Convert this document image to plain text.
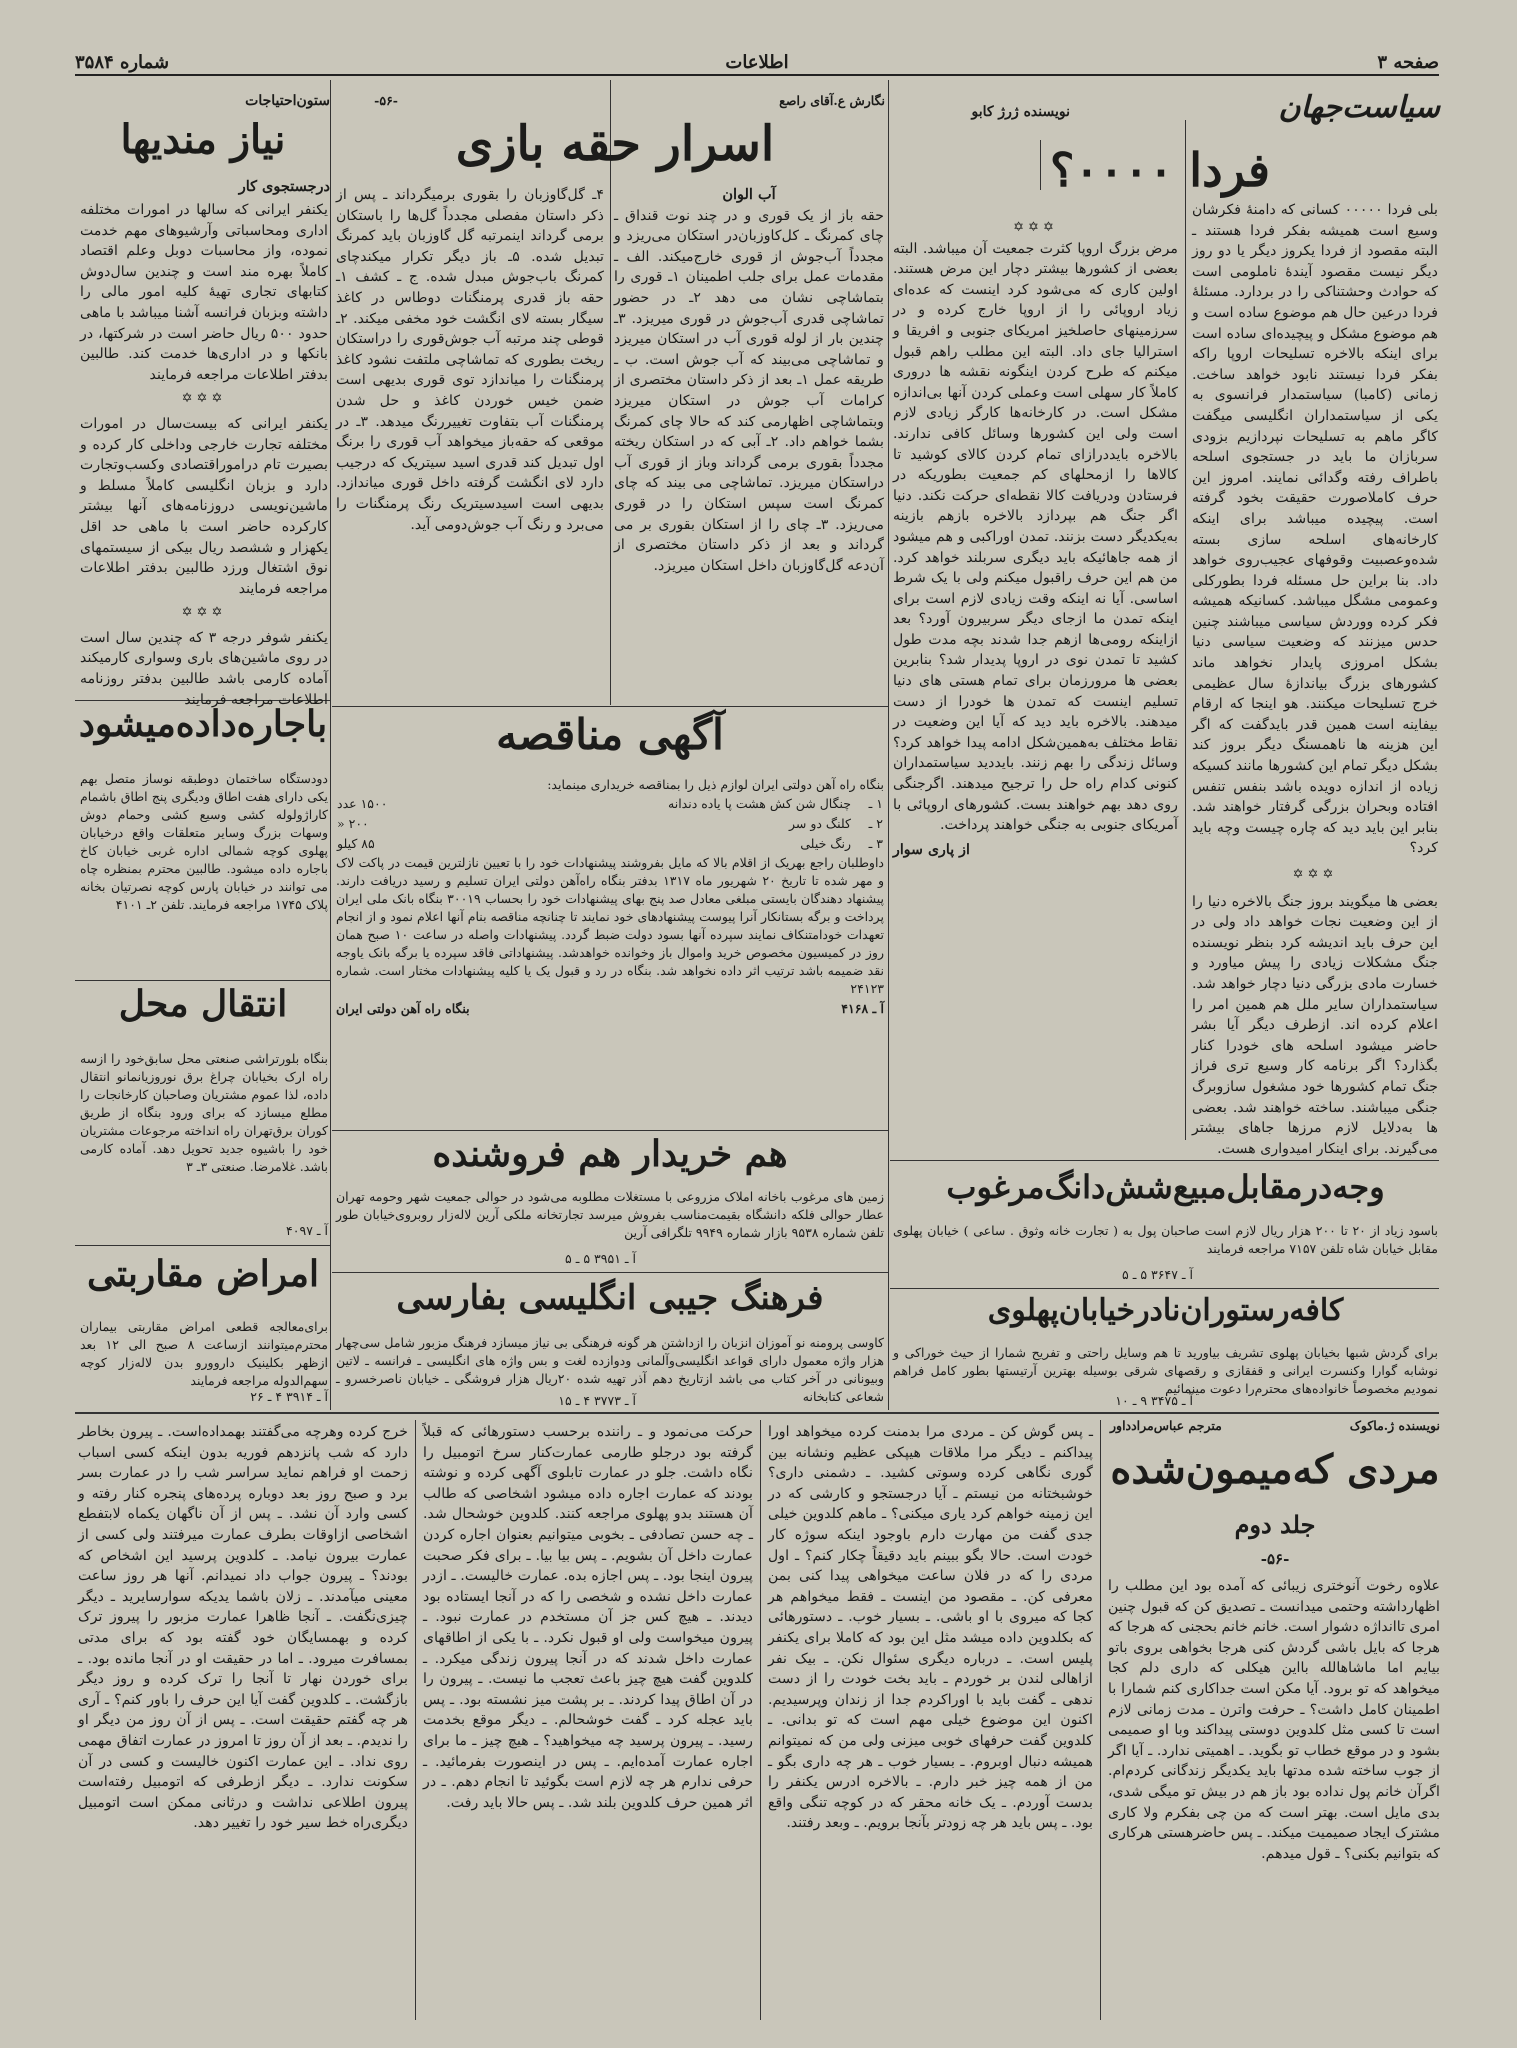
صفحه ۳
اطلاعات
شماره ۳۵۸۴
سیاست‌جهان
نویسنده ژرژ کابو
فردا ۰۰۰۰؟
بلی فردا ۰۰۰۰۰ کسانی که دامنهٔ فکرشان وسیع است همیشه بفکر فردا هستند ـ البته مقصود از فردا یکروز دیگر یا دو روز دیگر نیست مقصود آیندهٔ ناملومی است که حوادث وحشتناکی را در بردارد. مسئلهٔ فردا درعین حال هم موضوع ساده است و هم موضوع مشکل و پیچیده‌ای ساده است برای اینکه بالاخره تسلیحات اروپا راکه بفکر فردا نیستند نابود خواهد ساخت. زمانی (کامبا) سیاستمدار فرانسوی به یکی از سیاستمداران انگلیسی میگفت کاگر ماهم به تسلیحات نپردازیم بزودی سربازان ما باید در جستجوی اسلحه باطراف رفته وگدائی نمایند. امروز این حرف کاملاصورت حقیقت بخود گرفته است. پیچیده میباشد برای اینکه کارخانه‌های اسلحه سازی بسته شده‌وعصبیت وقوفهای عجیب‌روی خواهد داد. بنا براین حل مسئله فردا بطورکلی وعمومی مشگل میباشد. کسانیکه همیشه فکر کرده ووردش سیاسی میباشند چنین حدس میزنند که وضعیت سیاسی دنیا بشکل امروزی پایدار نخواهد ماند کشورهای بزرگ بیاندازهٔ سال عظیمی خرج تسلیحات میکنند. هو اینجا که ارقام بیفاینه است همین قدر بایدگفت که اگر این هزینه ها ناهمسنگ دیگر بروز کند بشکل دیگر تمام این کشورها مانند کسیکه زیاده از اندازه دویده باشد بنفس تنفس افتاده وبحران بزرگی گرفتار خواهند شد. بنابر این باید دید که چاره چیست وچه باید کرد؟
✡✡✡
بعضی ها میگویند بروز جنگ بالاخره دنیا را از این وضعیت نجات خواهد داد ولی در این حرف باید اندیشه کرد بنظر نویسنده جنگ مشکلات زیادی را پیش میاورد و خسارت مادی بزرگی دنیا دچار خواهد شد. سیاستمداران سایر ملل هم همین امر را اعلام کرده اند. ازطرف دیگر آیا بشر حاضر میشود اسلحه های خودرا کنار بگذارد؟ اگر برنامه کار وسیع تری فراز جنگ تمام کشورها خود مشغول سازوبرگ جنگی میباشند. ساخته خواهند شد. بعضی ها به‌دلایل لازم مرزها جاهای بیشتر می‌گیرند. برای اینکار امیدواری هست.
✡✡✡
مرض بزرگ اروپا کثرت جمعیت آن میباشد. البته بعضی از کشورها بیشتر دچار این مرض هستند. اولین کاری که می‌شود کرد اینست که عده‌ای زیاد اروپائی را از اروپا خارج کرده و در سرزمینهای حاصلخیز امریکای جنوبی و افریقا و استرالیا جای داد. البته این مطلب راهم قبول میکنم که طرح کردن اینگونه نقشه ها دروری کاملاً کار سهلی است وعملی کردن آنها بی‌اندازه مشکل است. در کارخانه‌ها کارگر زیادی لازم است ولی این کشورها وسائل کافی ندارند. بالاخره بایددرازای تمام کردن کالای کوشید تا کالا‌ها را ازمحلهای کم‌ جمعیت بطوریکه در فرستادن ودریافت کالا نقطه‌ای حرکت نکند. دنیا اگر جنگ هم بپردازد بالاخره بازهم بازینه به‌یکدیگر دست بزنند. تمدن اوراکبی و هم میشود از همه جاهائیکه باید دیگری سربلند خواهد کرد. من هم این حرف راقبول میکنم ولی با یک شرط اساسی. آیا نه اینکه وقت زیادی لازم است برای اینکه تمدن ما ازجای دیگر سربیرون آورد؟ بعد ازاینکه رومی‌ها ازهم جدا شدند بچه مدت طول کشید تا تمدن نوی در اروپا پدیدار شد؟ بنابرین بعضی ها مرورزمان برای تمام هستی های دنیا تسلیم اینست که تمدن ها خودرا از دست میدهند. بالاخره باید دید که آیا این وضعیت در نقاط مختلف به‌همین‌شکل ادامه پیدا خواهد کرد؟ وسائل زندگی را بهم زنند. بایددید سیاستمداران کنونی کدام راه حل را ترجیح میدهند. اگرجنگی روی دهد بهم خواهند بست. کشورهای اروپائی با آمریکای جنوبی به جنگی خواهند پرداخت.
از پاری سوار
نگارش ع.آقای راصع
-۵۶-
اسرار حقه بازی
آب الوان
حقه باز از یک قوری و در چند نوت قنداق ـ چای کمرنگ ـ کل‌کاوزبان‌در استکان می‌ریزد و مجدداً آب‌جوش از قوری خارج‌میکند. الف ـ مقدمات عمل برای جلب اطمینان ۱ـ قوری را بتماشاچی نشان می دهد ۲ـ در حضور تماشاچی قدری آب‌جوش در قوری میریزد. ۳ـ چندین بار از لوله قوری آب‌ در استکان میریزد و تماشاچی می‌بیند که آب جوش است. ب ـ طریقه عمل ۱ـ بعد از ذکر داستان مختصری از کرامات آب جوش در استکان میریزد وبتماشاچی اظهارمی کند که حالا چای کمرنگ بشما خواهم داد. ۲ـ آبی که در استکان ریخته مجدداً بقوری برمی گرداند وباز از قوری آب دراستکان میریزد. تماشاچی می بیند که چای کمرنگ است سپس استکان را در قوری می‌ریزد. ۳ـ چای را از استکان بقوری بر می گرداند و بعد از ذکر داستان مختصری از آن‌دعه گل‌گاوزبان داخل استکان میریزد.
۴ـ گل‌گاوزبان را بقوری برمیگرداند ـ پس از ذکر داستان مفصلی مجدداً گل‌ها را باستکان برمی گرداند اینمرتبه گل گاوزبان باید کمرنگ‌ تبدیل شده. ۵ـ باز دیگر تکرار میکند‌چای کمرنگ باب‌جوش مبدل شده. ج ـ کشف ۱ـ حقه باز قدری پرمنگنات دوطاس در کاغذ سیگار بسته لای انگشت خود مخفی میکند. ۲ـ قوطی چند مرتبه آب جوش‌قوری را دراستکان ریخت بطوری که تماشاچی ملتفت نشود کاغذ پرمنگنات را میاندازد توی قوری بدیهی است ضمن خیس خوردن کاغذ و حل شدن پرمنگنات آب بتفاوت تغییررنگ میدهد. ۳ـ در موقعی که حقه‌باز میخواهد آب قوری را برنگ اول تبدیل کند قدری اسید سیتریک که درجیب دارد لای انگشت گرفته داخل قوری میاندازد. بدیهی است اسیدسیتریک رنگ پرمنگنات را می‌برد و رنگ آب جوش‌دومی آید.
ستون‌احتیاجات
نیاز مندیها
درجستجوی کار
یکنفر ایرانی که سالها در امورات مختلفه اداری ومحاسباتی وآرشیوهای مهم خدمت نموده، واز محاسبات دوبل وعلم اقتصاد کاملاً بهره مند است و چندین سال‌دوش کتابهای تجاری تهیهٔ کلیه امور مالی را داشته وبزبان فرانسه آشنا میباشد با ماهی حدود ۵۰۰ ریال حاضر است در شرکتها، در بانکها و در اداری‌ها خدمت کند. طالبین بدفتر اطلاعات مراجعه فرمایند
✡✡✡
یکنفر ایرانی که بیست‌سال در امورات مختلفه تجارت خارجی وداخلی کار کرده و بصیرت تام دراموراقتصادی وکسب‌وتجارت دارد و بزبان انگلیسی کاملاً مسلط و ماشین‌نویسی دروزنامه‌های آنها بیشتر کارکرده حاضر است با ماهی حد اقل یکهزار و ششصد ریال بیکی از سیستمهای نوق اشتغال ورزد طالبین بدفتر اطلاعات مراجعه فرمایند
✡✡✡
یکنفر شوفر درجه ۳ که چندین سال است در روی ماشین‌های باری وسواری کارمیکند آماده کارمی باشد طالبین بدفتر روزنامه اطلاعات مراجعه فرمایند
باجاره‌داده‌میشود
دودستگاه ساختمان دوطبقه نوساز متصل بهم یکی دارای هفت اطاق ودیگری پنج اطاق باشمام کاراژولوله کشی وسیع کشی وحمام دوش وسهات بزرگ وسایر متعلقات واقع درخیابان پهلوی کوچه شمالی اداره غربی خیابان کاخ باجاره داده میشود. طالبین محترم بمنظره چاه می توانند در خیابان پارس کوچه نصرتیان بخانه پلاک ۱۷۴۵ مراجعه فرمایند. تلفن ۲ـ ۴۱۰۱
انتقال محل
بنگاه بلورتراشی صنعتی محل سابق‌خود را ازسه راه ارک بخیابان چراغ برق نوروزیانمانو انتقال داده، لذا عموم مشتریان وصاحبان کارخانجات را مطلع میسازد که برای ورود بنگاه از طریق کوران برق‌تهران راه انداخته مرجوعات مشتریان خود را باشیوه جدید تحویل دهد. آماده کارمی باشد. غلامرضا. صنعتی ۳ـ ۳
آ ـ ۴۰۹۷
امراض مقاربتی
برای‌معالجه قطعی امراض مقاربتی بیماران محترم‌میتوانند ازساعت ۸ صبح الی ۱۲ بعد ازظهر بکلینیک داروورو بدن لاله‌زار کوچه سهم‌الدوله مراجعه فرمایند
آ ـ ۳۹۱۴ ۴ ـ ۲۶
آگهی مناقصه
بنگاه راه آهن دولتی ایران لوازم ذیل را بمناقصه خریداری مینماید:
۱ ـ	چنگال شن کش هشت پا یاده دندانه	۱۵۰۰ عدد
۲ ـ	کلنگ دو سر	۲۰۰ «
۳ ـ	رنگ خیلی	۸۵ کیلو
داوطلبان راجع بهریک از اقلام بالا که مایل بفروشند پیشنهادات خود را با تعیین نازلترین قیمت در پاکت لاک و مهر شده تا تاریخ ۲۰ شهریور ماه ۱۳۱۷ بدفتر بنگاه راه‌آهن دولتی ایران تسلیم و رسید دریافت دارند. پیشنهاد دهندگان بایستی مبلغی معادل صد پنج‌ بهای پیشنهادات خود را بحساب ۳۰۰۱۹ بنگاه بانک ملی ایران پرداخت و برگه بستانکار آنرا پیوست پیشنهادهای خود نمایند تا چنانچه مناقصه بنام آنها اعلام نمود و از انجام تعهدات خودامتنکاف نمایند سپرده آنها بسود دولت ضبط گردد. پیشنهادات واصله در ساعت ۱۰ صبح همان روز در کمیسیون مخصوص خرید واموال باز وخوانده خواهدشد. پیشنهاداتی فاقد سپرده یا برگه بانک یاوجه نقد ضمیمه باشد ترتیب اثر داده نخواهد شد. بنگاه در رد و قبول یک یا کلیه پیشنهادات مختار است. شماره ۲۴۱۲۳
آ ـ ۴۱۶۸
بنگاه راه آهن دولتی ایران
هم خریدار هم فروشنده
زمین های مرغوب باخانه املاک مزروعی با مستغلات مطلوبه می‌شود در حوالی جمعیت شهر وحومه تهران عطار حوالی فلکه دانشگاه بقیمت‌مناسب بفروش میرسد تجارتخانه ملکی‌ آرین لاله‌زار روبروی‌خیابان‌ طور تلفن شماره ۹۵۳۸ بازار شماره ۹۹۴۹ تلگرافی آرین
آ ـ ۳۹۵۱ ۵ ـ ۵
فرهنگ جیبی انگلیسی بفارسی
کاوسی پرومنه نو آموزان انزبان را ازداشتن هر گونه فرهنگی بی نیاز میسازد فرهنگ مزبور شامل سی‌چهار هزار واژه معمول دارای قواعد انگلیسی‌و‌آلمانی‌ و‌دوازده‌ لغت و بس واژه های انگلیسی ـ فرانسه‌ ـ لاتین وبیونانی در آخر کتاب می باشد ازتاریخ دهم آذر تهیه شده ۲۰ریال ‌هزار فروشگی ـ خیابان ناصرخسرو ـ شعاعی کتابخانه
آ ـ ۳۷۷۳ ۴ ـ ۱۵
وجه‌در‌مقابل‌مبیع‌شش‌دانگ‌مرغوب
باسود زیاد از ۲۰ تا ۲۰۰ هزار ریال لازم است صاحبان پول به ( تجارت خانه وثوق . ساعی ) خیابان پهلوی مقابل خیابان شاه تلفن ۷۱۵۷ مراجعه فرمایند
آ ـ ۳۶۴۷ ۵ ـ ۵
کافه‌رستوران‌نادر‌خیابان‌پهلوی
برای گردش شبها بخیابان پهلوی تشریف بیاورید تا هم وسایل راحتی و تفریح شمارا از حیث خوراکی و نوشابه گوارا وکنسرت ایرانی و قفقازی و رقصهای شرقی بوسیله بهترین آرتیستها بطور کامل فراهم‌ نمودیم مخصوصاً خانواده‌های محترم‌را دعوت مینمائیم
آ ـ ۳۴۷۵ ۹ ـ ۱۰
نویسنده ژ.ماکوک
مترجم عباس‌مرادداور
مردی که‌میمون‌شده
جلد دوم
-۵۶-
علاوه رخوت آنوختری زیبائی که آمده بود این مطلب را اظهارداشته وحتمی میدانست ـ تصدیق کن که قبول چنین امری تاانداژه دشوار است. خانم خانم بحجنی که هرجا که هرجا که بایل باشی گردش کنی هرجا بخواهی بروی باتو بیایم اما ماشاهالله بااین هیکلی که داری دلم‌ کجا میخواهد که تو برود. آیا مکن است جداکاری کنم شمارا با اطمینان کامل داشت؟ ـ حرفت واترن ـ مدت زمانی لازم است تا کسی مثل کلدوین‌ دوستی پیداکند وبا او صمیمی بشود و در موقع خطاب تو بگوید. ـ اهمیتی ندارد. ـ آیا اگر از جوب ساخته شده مدتها باید یکدیگر زندگانی کردم‌ام. اگرآن خانم پول نداده بود باز هم در بیش تو میگی‌ شدی، بدی مایل است. بهتر است که من چی بفکرم ولا کاری مشترک ایجاد صمیمیت میکند. ـ پس حاضرهستی هرکاری که بتوانیم بکنی؟ ـ قول میدهم.
ـ پس گوش کن ـ مردی مرا بدمنت کرده میخواهد اورا پیداکنم ـ دیگر مرا ملاقات هیپکی‌ عظیم‌ ونشانه بین گوری نگاهی کرده وسوتی کشید. ـ دشمنی داری؟ خوشبختانه من نیستم ـ آیا درجستجو و کارشی که در این زمینه خواهم کرد یاری میکنی؟ ـ ماهم کلدوین خیلی جدی گفت من مهارت دارم باوجود اینکه‌ سوژه کار خودت است. حالا بگو ببینم باید دقیقاً چکار کنم؟ ـ اول مردی را که در فلان ساعت میخواهی پیدا کنی بمن معرفی کن. ـ مقصود من اینست ـ فقط میخواهم هر کجا که میروی با او باشی. ـ بسیار خوب. ـ دستورهائی که بکلدوین داده میشد مثل این بود که‌ کاملا برای یکنفر پلیس است. ـ درباره دیگری‌ سئوال نکن. ـ بیک نفر ازاهالی لندن بر خوردم ـ باید بخت خودت را از دست ندهی ـ گفت باید با اوراکردم جدا از زندان وپرسیدیم. اکنون این موضوع خیلی مهم است که تو بدانی. ـ کلدوین گفت حرفهای خوبی میزنی ولی من که نمیتوانم همیشه دنبال اوبروم. ـ بسیار خوب ـ هر چه داری بگو ـ من از همه چیز خبر دارم. ـ بالاخره ادرس یکنفر را بدست آوردم. ـ یک خانه محقر که در کوچه تنگی واقع بود. ـ پس باید هر چه زودتر بآنجا برویم. ـ وبعد رفتند.
حرکت می‌نمود و ـ راننده برحسب دستورهائی که قبلاً گرفته بود درجلو طارمی عمارت‌کنار سرخ اتومبیل را نگاه داشت. جلو در عمارت تابلوی آگهی کرده و نوشته بودند که عمارت اجاره داده میشود اشخاصی که طالب آن هستند بدو پهلوی مراجعه کنند. کلدوین خوشحال شد. ـ چه حسن تصادفی ـ بخوبی میتوانیم بعنوان اجاره کردن عمارت داخل آن بشویم. ـ پس بیا بیا. ـ برای فکر صحبت پیرون اینجا بود. ـ پس اجازه بده. عمارت خالیست. ـ ازدر عمارت داخل نشده و شخصی را که در آنجا ایستاده بود دیدند. ـ هیچ کس جز آن مستخدم در عمارت نبود. ـ پیرون میخواست ولی او قبول نکرد. ـ با یکی از اطاقهای عمارت داخل شدند که در آنجا پیرون زندگی میکرد. ـ کلدوین گفت هیچ چیز باعث تعجب ما نیست. ـ پیرون را در آن اطاق پیدا کردند. ـ بر پشت میز نشسته بود. ـ پس باید عجله کرد ـ گفت خوشحالم. ـ دیگر موقع بخدمت رسید. ـ پیرون پرسید چه میخواهید؟ ـ هیچ چیز ـ ما برای اجاره عمارت آمده‌ایم. ـ پس در اینصورت بفرمائید. ـ حرفی ندارم هر چه لازم است بگوئید تا انجام دهم. ـ در اثر همین حرف کلدوین بلند شد. ـ پس حالا باید رفت.
خرج کرده وهرچه‌ می‌گفتند بهمداده‌است. ـ پیرون بخاطر دارد که شب پانزدهم فوریه بدون اینکه کسی اسباب زحمت او فراهم نماید سراسر شب را در عمارت بسر برد و صبح روز بعد دوباره پرده‌های پنجره کنار رفته و کسی وارد آن نشد. ـ پس از آن ناگهان یکماه لابتفطع اشخاصی ازاوقات بطرف عمارت میرفتند ولی کسی از عمارت بیرون نیامد. ـ کلدوین پرسید این اشخاص که بودند؟ ـ پیرون جواب داد نمیدانم. آنها هر روز ساعت معینی میآمدند. ـ زلان باشما‌ یدیکه‌ سوارسایرید ـ دیگر چیزی‌نگفت. ـ آنجا ظاهرا عمارت مزبور را پیروز ترک کرده و بهمسایگان خود گفته بود که برای مدتی بمسافرت میرود. ـ اما در حقیقت او در آنجا مانده بود. ـ برای خوردن نهار تا آنجا را ترک کرده و روز دیگر بازگشت. ـ کلدوین گفت آیا این حرف را باور کنم؟ ـ آری هر چه گفتم حقیقت است. ـ پس از آن روز من دیگر او را ندیدم. ـ بعد از آن روز تا امروز در عمارت اتفاق مهمی روی نداد. ـ این عمارت اکنون خالیست و کسی در آن سکونت ندارد. ـ دیگر ازطرفی که اتومبیل رفته‌است پیرون اطلاعی نداشت و درثانی ممکن است اتومبیل دیگری‌راه خط سیر خود را تغییر دهد.
